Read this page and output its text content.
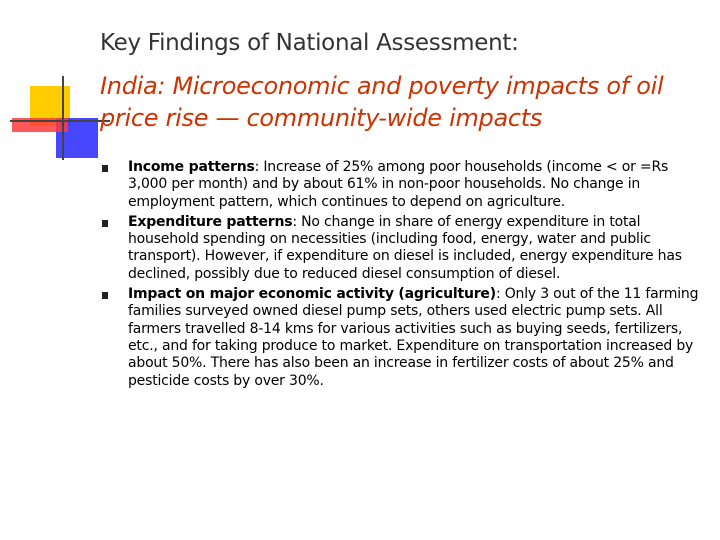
Key Findings of National Assessment:
India: Microeconomic and poverty impacts of oil price rise — community-wide impacts
Income patterns: Increase of 25% among poor households (income < or =Rs 3,000 per month) and by about 61% in non-poor households. No change in employment pattern, which continues to depend on agriculture.
Expenditure patterns: No change in share of energy expenditure in total household spending on necessities (including food, energy, water and public transport). However, if expenditure on diesel is included, energy expenditure has declined, possibly due to reduced diesel consumption of diesel.
Impact on major economic activity (agriculture): Only 3 out of the 11 farming families surveyed owned diesel pump sets, others used electric pump sets. All farmers travelled 8-14 kms for various activities such as buying seeds, fertilizers, etc., and for taking produce to market. Expenditure on transportation increased by about 50%. There has also been an increase in fertilizer costs of about 25% and pesticide costs by over 30%.
